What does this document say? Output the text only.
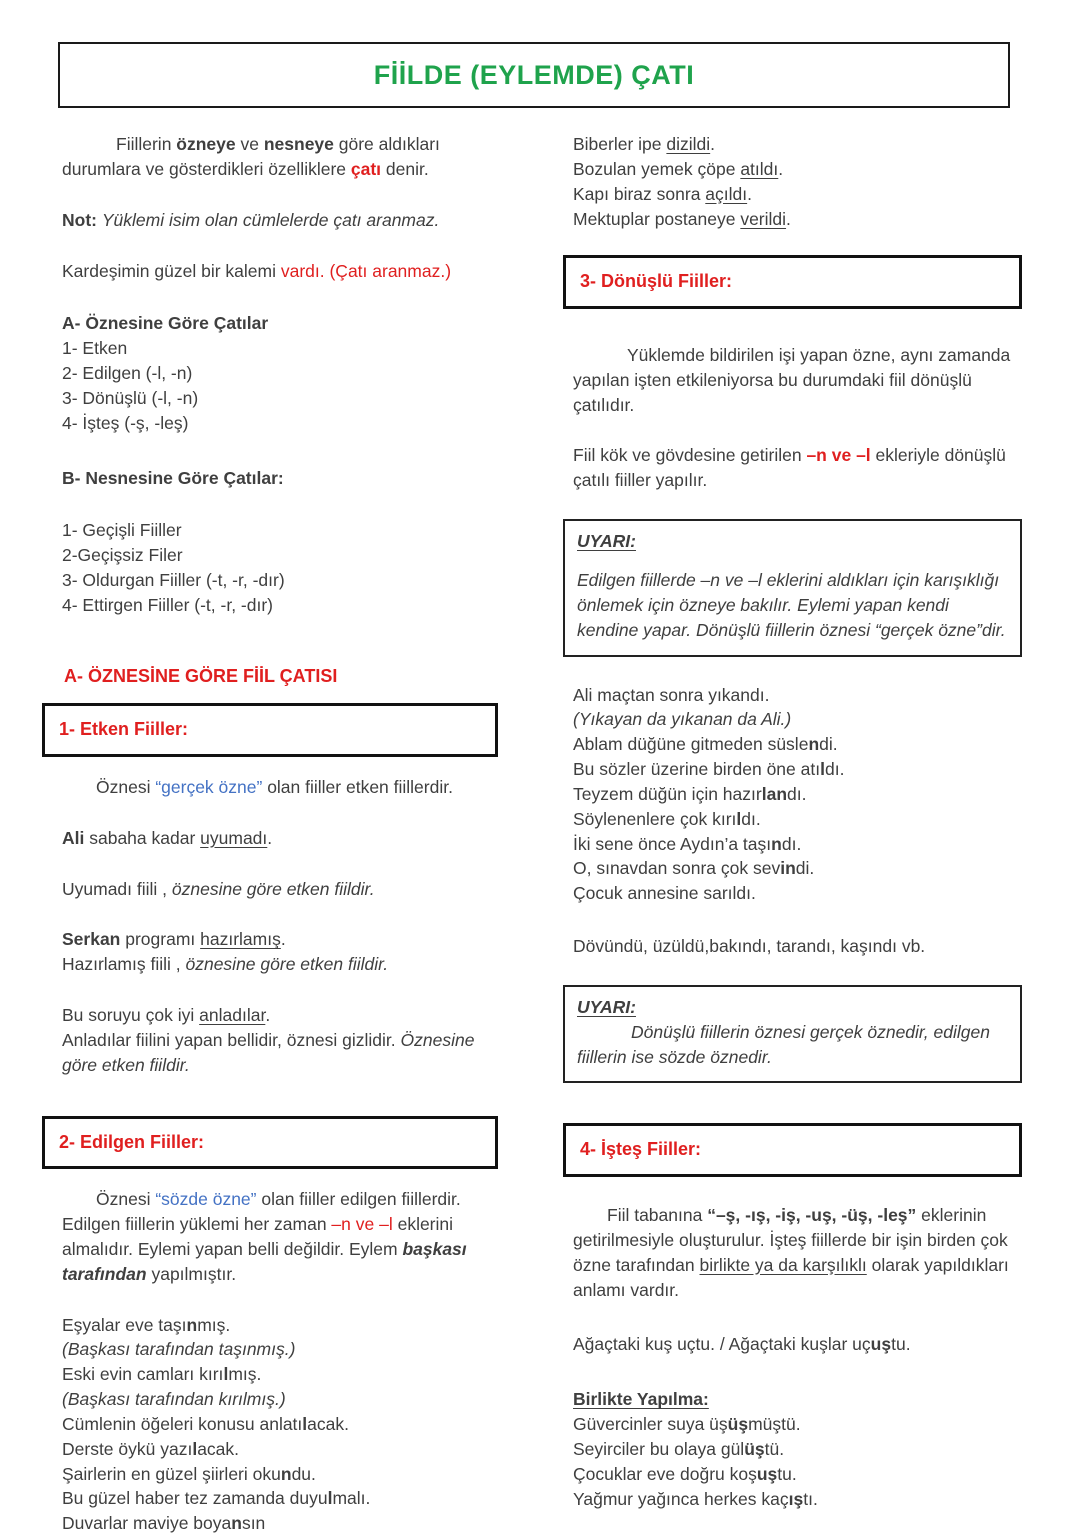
FİİLDE (EYLEMDE) ÇATI
Fiillerin özneye ve nesneye göre aldıkları durumlara ve gösterdikleri özelliklere çatı denir.
Not: Yüklemi isim olan cümlelerde çatı aranmaz.
Kardeşimin güzel bir kalemi vardı. (Çatı aranmaz.)
A- Öznesine Göre Çatılar
1- Etken
2- Edilgen (-l, -n)
3- Dönüşlü (-l, -n)
4- İşteş (-ş, -leş)
B- Nesnesine Göre Çatılar:
1- Geçişli Fiiller
2-Geçişsiz Filer
3- Oldurgan Fiiller (-t, -r, -dır)
4- Ettirgen Fiiller (-t, -r, -dır)
A- ÖZNESİNE GÖRE FİİL ÇATISI
1- Etken Fiiller:
Öznesi “gerçek özne” olan fiiller etken fiillerdir.
Ali sabaha kadar uyumadı.
Uyumadı fiili , öznesine göre etken fiildir.
Serkan programı hazırlamış.
Hazırlamış fiili , öznesine göre etken fiildir.
Bu soruyu çok iyi anladılar.
Anladılar fiilini yapan bellidir, öznesi gizlidir. Öznesine göre etken fiildir.
2- Edilgen Fiiller:
Öznesi “sözde özne” olan fiiller edilgen fiillerdir. Edilgen fiillerin yüklemi her zaman –n ve –l eklerini almalıdır. Eylemi yapan belli değildir. Eylem başkası tarafından yapılmıştır.
Eşyalar eve taşınmış.
(Başkası tarafından taşınmış.)
Eski evin camları kırılmış.
(Başkası tarafından kırılmış.)
Cümlenin öğeleri konusu anlatılacak.
Derste öykü yazılacak.
Şairlerin en güzel şiirleri okundu.
Bu güzel haber tez zamanda duyulmalı.
Duvarlar maviye boyansın
Biberler ipe dizildi.
Bozulan yemek çöpe atıldı.
Kapı biraz sonra açıldı.
Mektuplar postaneye verildi.
3- Dönüşlü Fiiller:
Yüklemde bildirilen işi yapan özne, aynı zamanda yapılan işten etkileniyorsa bu durumdaki fiil dönüşlü çatılıdır.
Fiil kök ve gövdesine getirilen –n ve –l ekleriyle dönüşlü çatılı fiiller yapılır.
UYARI:
Edilgen fiillerde –n ve –l eklerini aldıkları için karışıklığı önlemek için özneye bakılır. Eylemi yapan kendi kendine yapar. Dönüşlü fiillerin öznesi “gerçek özne”dir.
Ali maçtan sonra yıkandı.
(Yıkayan da yıkanan da Ali.)
Ablam düğüne gitmeden süslendi.
Bu sözler üzerine birden öne atıldı.
Teyzem düğün için hazırlandı.
Söylenenlere çok kırıldı.
İki sene önce Aydın’a taşındı.
O, sınavdan sonra çok sevindi.
Çocuk annesine sarıldı.
Dövündü, üzüldü,bakındı, tarandı, kaşındı vb.
UYARI:
Dönüşlü fiillerin öznesi gerçek öznedir, edilgen fiillerin ise sözde öznedir.
4- İşteş Fiiller:
Fiil tabanına “–ş, -ış, -iş, -uş, -üş, -leş” eklerinin getirilmesiyle oluşturulur. İşteş fiillerde bir işin birden çok özne tarafından birlikte ya da karşılıklı olarak yapıldıkları anlamı vardır.
Ağaçtaki kuş uçtu. / Ağaçtaki kuşlar uçuştu.
Birlikte Yapılma:
Güvercinler suya üşüşmüştü.
Seyirciler bu olaya gülüştü.
Çocuklar eve doğru koşuştu.
Yağmur yağınca herkes kaçıştı.
